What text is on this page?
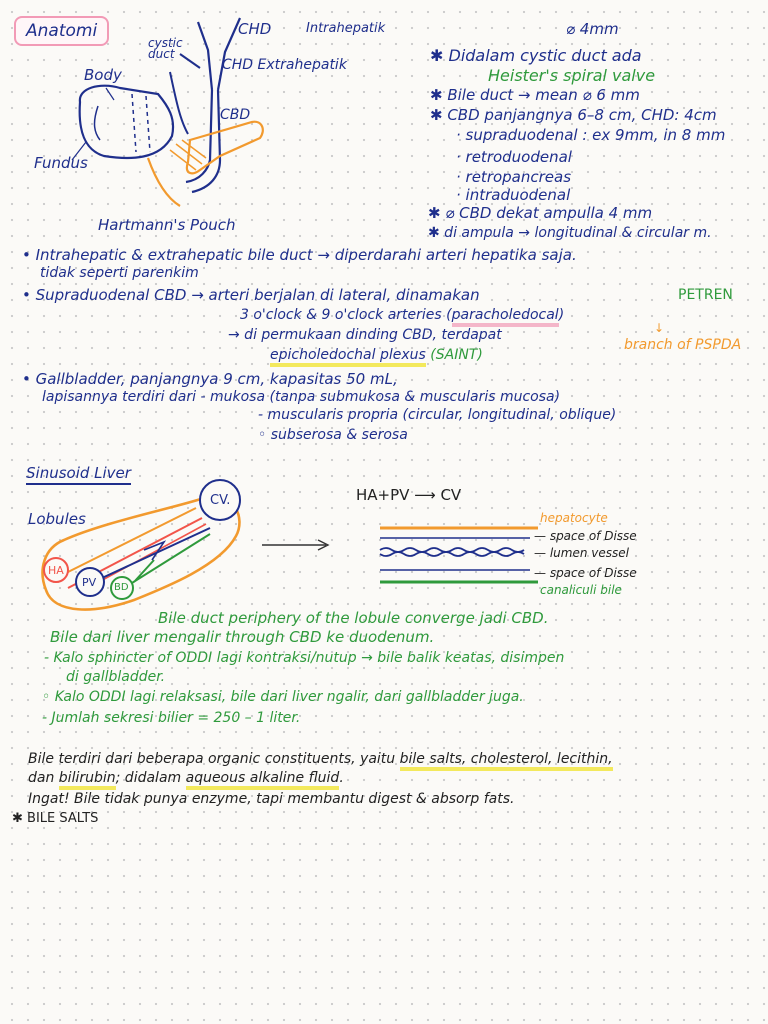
Anatomi
cystic
duct
CHD	Intrahepatik
CHD Extrahepatik
CBD
Body
Fundus
Hartmann's Pouch
⌀ 4mm
✱ Didalam cystic duct ada
Heister's spiral valve
✱ Bile duct → mean ⌀ 6 mm
✱ CBD panjangnya 6–8 cm, CHD: 4cm
· supraduodenal : ex 9mm, in 8 mm
· retroduodenal
· retropancreas
· intraduodenal
✱ ⌀ CBD dekat ampulla 4 mm
✱ di ampula → longitudinal & circular m.
• Intrahepatic & extrahepatic bile duct → diperdarahi arteri hepatika saja.
tidak seperti parenkim
• Supraduodenal CBD → arteri berjalan di lateral, dinamakan	PETREN
3 o'clock & 9 o'clock arteries (paracholedocal)
→ di permukaan dinding CBD, terdapat
branch of PSPDA
↓
epicholedochal plexus (SAINT)
• Gallbladder, panjangnya 9 cm, kapasitas 50 mL,
lapisannya terdiri dari - mukosa (tanpa submukosa & muscularis mucosa)
- muscularis propria (circular, longitudinal, oblique)
◦ subserosa & serosa
Sinusoid Liver
Lobules
CV.
HA
PV BD
HA+PV ⟶ CV
hepatocyte
— space of Disse
— lumen vessel
— space of Disse
canaliculi bile
Bile duct periphery of the lobule converge jadi CBD.
Bile dari liver mengalir through CBD ke duodenum.
- Kalo sphincter of ODDI lagi kontraksi/nutup → bile balik keatas, disimpen
di gallbladder.
◦ Kalo ODDI lagi relaksasi, bile dari liver ngalir, dari gallbladder juga.
- Jumlah sekresi bilier = 250 – 1 liter.
Bile terdiri dari beberapa organic constituents, yaitu bile salts, cholesterol, lecithin,
dan bilirubin; didalam aqueous alkaline fluid.
Ingat! Bile tidak punya enzyme, tapi membantu digest & absorp fats.
✱ BILE SALTS
